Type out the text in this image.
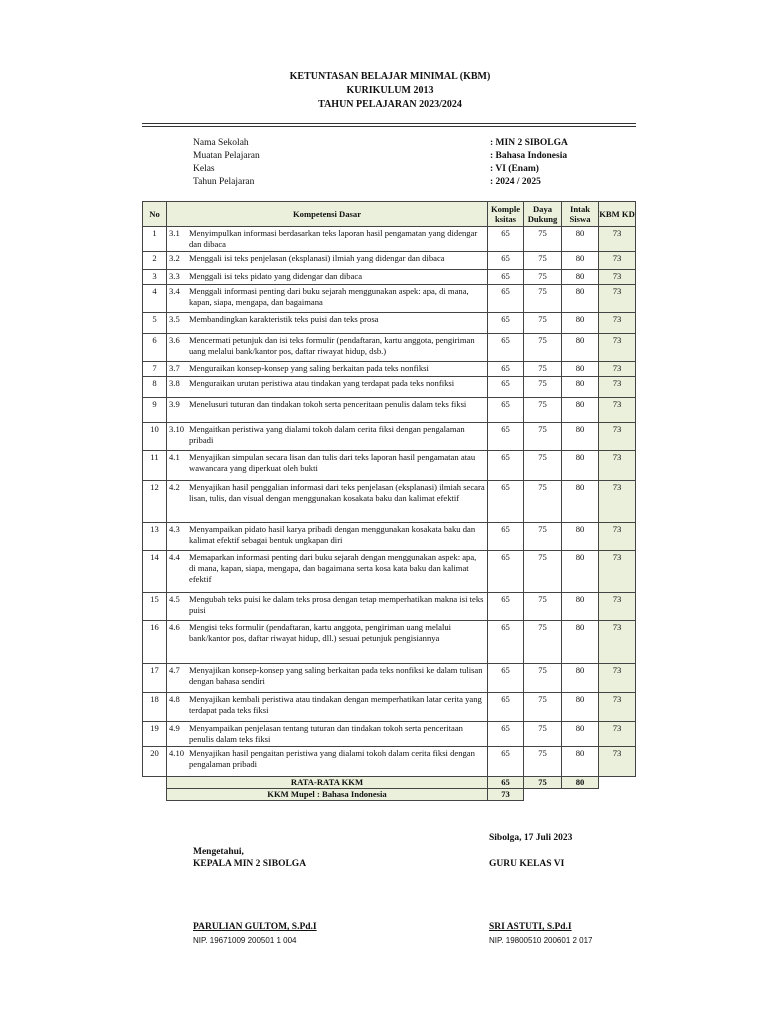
KETUNTASAN BELAJAR MINIMAL (KBM)
KURIKULUM 2013
TAHUN PELAJARAN 2023/2024
Nama Sekolah	: MIN 2 SIBOLGA
Muatan Pelajaran	: Bahasa Indonesia
Kelas	: VI (Enam)
Tahun Pelajaran	: 2024 / 2025
No	Kompetensi Dasar	Komple ksitas	Daya Dukung	Intak Siswa	KBM KD
1	3.1 Menyimpulkan informasi berdasarkan teks laporan hasil pengamatan yang didengar dan dibaca	65	75	80	73
2	3.2 Menggali isi teks penjelasan (eksplanasi) ilmiah yang didengar dan dibaca	65	75	80	73
3	3.3 Menggali isi teks pidato yang didengar dan dibaca	65	75	80	73
4	3.4 Menggali informasi penting dari buku sejarah menggunakan aspek: apa, di mana, kapan, siapa, mengapa, dan bagaimana	65	75	80	73
5	3.5 Membandingkan karakteristik teks puisi dan teks prosa	65	75	80	73
6	3.6 Mencermati petunjuk dan isi teks formulir (pendaftaran, kartu anggota, pengiriman uang melalui bank/kantor pos, daftar riwayat hidup, dsb.)	65	75	80	73
7	3.7 Menguraikan konsep-konsep yang saling berkaitan pada teks nonfiksi	65	75	80	73
8	3.8 Menguraikan urutan peristiwa atau tindakan yang terdapat pada teks nonfiksi	65	75	80	73
9	3.9 Menelusuri tuturan dan tindakan tokoh serta penceritaan penulis dalam teks fiksi	65	75	80	73
10	3.10 Mengaitkan peristiwa yang dialami tokoh dalam cerita fiksi dengan pengalaman pribadi	65	75	80	73
11	4.1 Menyajikan simpulan secara lisan dan tulis dari teks laporan hasil pengamatan atau wawancara yang diperkuat oleh bukti	65	75	80	73
12	4.2 Menyajikan hasil penggalian informasi dari teks penjelasan (eksplanasi) ilmiah secara lisan, tulis, dan visual dengan menggunakan kosakata baku dan kalimat efektif	65	75	80	73
13	4.3 Menyampaikan pidato hasil karya pribadi dengan menggunakan kosakata baku dan kalimat efektif sebagai bentuk ungkapan diri	65	75	80	73
14	4.4 Memaparkan informasi penting dari buku sejarah dengan menggunakan aspek: apa, di mana, kapan, siapa, mengapa, dan bagaimana serta kosa kata baku dan kalimat efektif	65	75	80	73
15	4.5 Mengubah teks puisi ke dalam teks prosa dengan tetap memperhatikan makna isi teks puisi	65	75	80	73
16	4.6 Mengisi teks formulir (pendaftaran, kartu anggota, pengiriman uang melalui bank/kantor pos, daftar riwayat hidup, dll.) sesuai petunjuk pengisiannya	65	75	80	73
17	4.7 Menyajikan konsep-konsep yang saling berkaitan pada teks nonfiksi ke dalam tulisan dengan bahasa sendiri	65	75	80	73
18	4.8 Menyajikan kembali peristiwa atau tindakan dengan memperhatikan latar cerita yang terdapat pada teks fiksi	65	75	80	73
19	4.9 Menyampaikan penjelasan tentang tuturan dan tindakan tokoh serta penceritaan penulis dalam teks fiksi	65	75	80	73
20	4.10 Menyajikan hasil pengaitan peristiwa yang dialami tokoh dalam cerita fiksi dengan pengalaman pribadi	65	75	80	73
	RATA-RATA KKM	65	75	80	
	KKM Mupel : Bahasa Indonesia	73			
Sibolga, 17 Juli 2023
Mengetahui,
KEPALA MIN 2 SIBOLGA	GURU KELAS VI
PARULIAN GULTOM, S.Pd.I
NIP. 19671009 200501 1 004
SRI ASTUTI, S.Pd.I
NIP. 19800510 200601 2 017
